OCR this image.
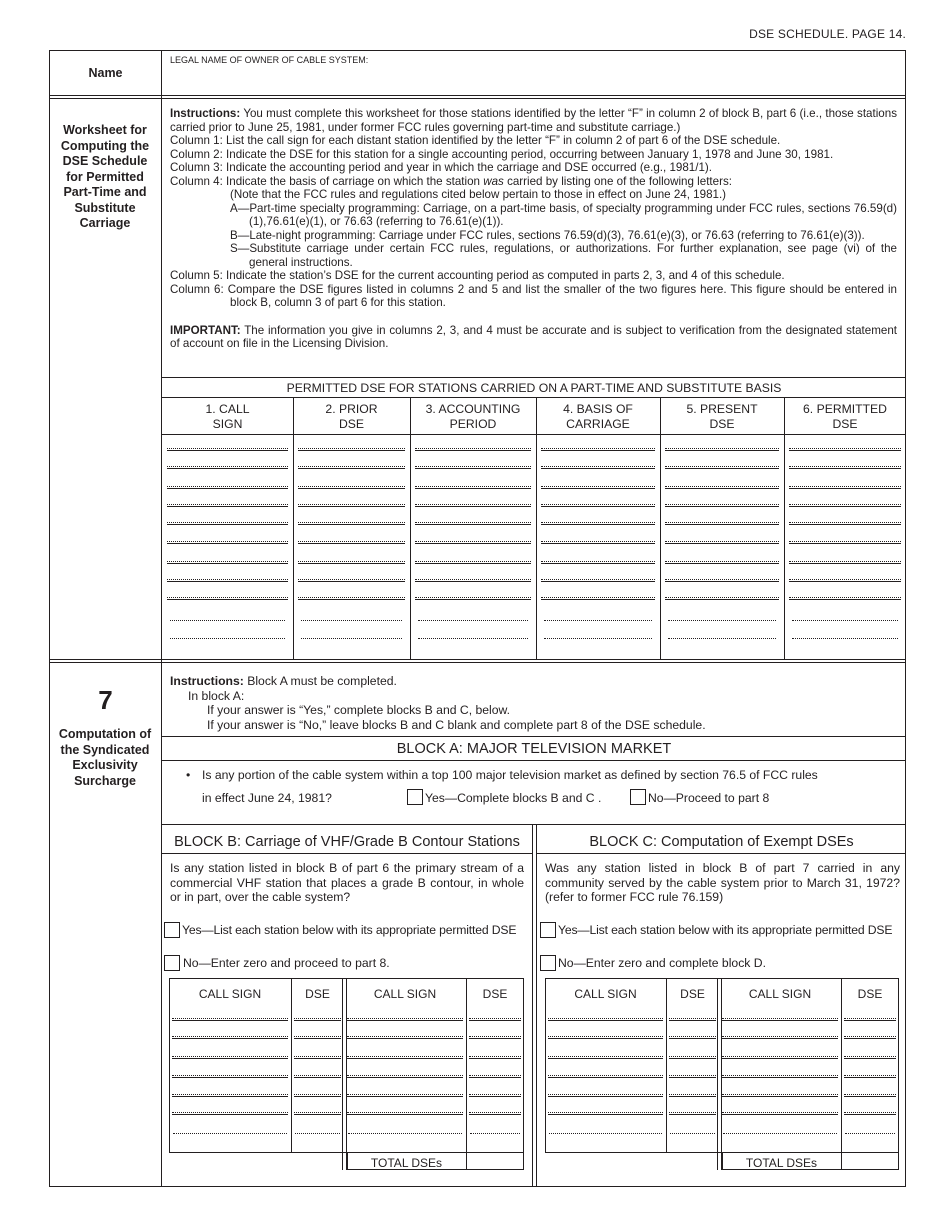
DSE SCHEDULE. PAGE 14.
Name
LEGAL NAME OF OWNER OF CABLE SYSTEM:
Worksheet for Computing the DSE Schedule for Permitted Part-Time and Substitute Carriage

Instructions: You must complete this worksheet for those stations identified by the letter “F” in column 2 of block B, part 6 (i.e., those stations carried prior to June 25, 1981, under former FCC rules governing part-time and substitute carriage.)

Column 1: List the call sign for each distant station identified by the letter “F” in column 2 of part 6 of the DSE schedule.

Column 2: Indicate the DSE for this station for a single accounting period, occurring between January 1, 1978 and June 30, 1981.

Column 3: Indicate the accounting period and year in which the carriage and DSE occurred (e.g., 1981/1).

Column 4: Indicate the basis of carriage on which the station was carried by listing one of the following letters:

(Note that the FCC rules and regulations cited below pertain to those in effect on June 24, 1981.)

A—Part-time specialty programming: Carriage, on a part-time basis, of specialty programming under FCC rules, sections 76.59(d)(1),76.61(e)(1), or 76.63 (referring to 76.61(e)(1)).

B—Late-night programming: Carriage under FCC rules, sections 76.59(d)(3), 76.61(e)(3), or 76.63 (referring to 76.61(e)(3)).

S—Substitute carriage under certain FCC rules, regulations, or authorizations. For further explanation, see page (vi) of the general instructions.

Column 5: Indicate the station’s DSE for the current accounting period as computed in parts 2, 3, and 4 of this schedule.

Column 6: Compare the DSE figures listed in columns 2 and 5 and list the smaller of the two figures here. This figure should be entered in block B, column 3 of part 6 for this station.

IMPORTANT: The information you give in columns 2, 3, and 4 must be accurate and is subject to verification from the designated statement of account on file in the Licensing Division.

PERMITTED DSE FOR STATIONS CARRIED ON A PART-TIME AND SUBSTITUTE BASIS
1. CALL
SIGN
2. PRIOR
DSE
3. ACCOUNTING
PERIOD
4. BASIS OF
CARRIAGE
5. PRESENT
DSE
6. PERMITTED
DSE
7
Computation of the Syndicated Exclusivity Surcharge
Instructions: Block A must be completed.
In block A:
If your answer is “Yes,” complete blocks B and C, below.
If your answer is “No,” leave blocks B and C blank and complete part 8 of the DSE schedule.
BLOCK A: MAJOR TELEVISION MARKET
• Is any portion of the cable system within a top 100 major television market as defined by section 76.5 of FCC rules
in effect June 24, 1981?	Yes—Complete blocks B and C .	No—Proceed to part 8
BLOCK B: Carriage of VHF/Grade B Contour Stations
Is any station listed in block B of part 6 the primary stream of a commercial VHF station that places a grade B contour, in whole or in part, over the cable system?
Yes—List each station below with its appropriate permitted DSE
No—Enter zero and proceed to part 8.
BLOCK C: Computation of Exempt DSEs
Was any station listed in block B of part 7 carried in any community served by the cable system prior to March 31, 1972? (refer to former FCC rule 76.159)
Yes—List each station below with its appropriate permitted DSE
No—Enter zero and complete block D.
CALL SIGN	DSE	CALL SIGN	DSE
TOTAL DSEs
CALL SIGN	DSE	CALL SIGN	DSE
TOTAL DSEs
